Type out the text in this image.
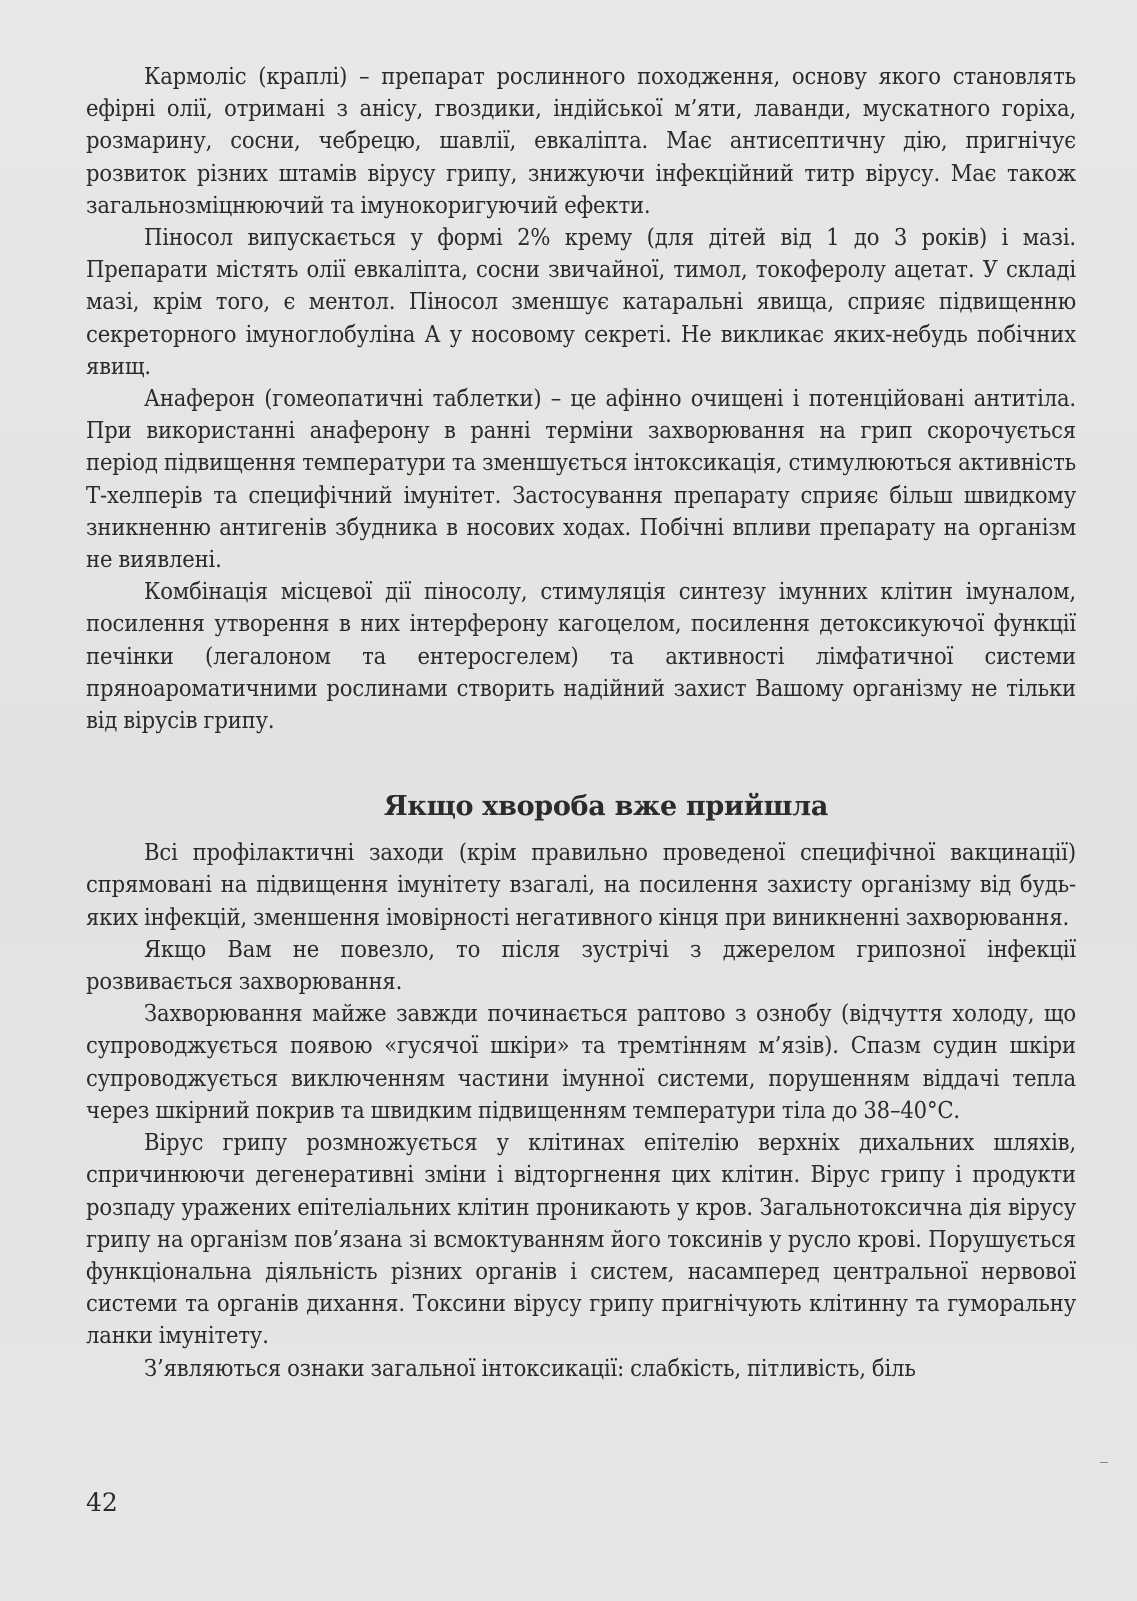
Кармоліс (краплі) – препарат рослинного походження, основу якого становлять ефірні олії, отримані з анісу, гвоздики, індійської м’яти, лаванди, мускатного горіха, розмарину, сосни, чебрецю, шавлії, евкаліпта. Має антисептичну дію, пригнічує розвиток різних штамів вірусу грипу, знижуючи інфекційний титр вірусу. Має також загальнозміцнюючий та імунокоригуючий ефекти.

Піносол випускається у формі 2% крему (для дітей від 1 до 3 років) і мазі. Препарати містять олії евкаліпта, сосни звичайної, тимол, токоферолу ацетат. У складі мазі, крім того, є ментол. Піносол зменшує катаральні явища, сприяє підвищенню секреторного імуноглобуліна А у носовому секреті. Не викликає яких-небудь побічних явищ.

Анаферон (гомеопатичні таблетки) – це афінно очищені і потенційовані антитіла. При використанні анаферону в ранні терміни захворювання на грип скорочується період підвищення температури та зменшується інтоксикація, стимулюються активність Т-хелперів та специфічний імунітет. Застосування препарату сприяє більш швидкому зникненню антигенів збудника в носових ходах. Побічні впливи препарату на організм не виявлені.

Комбінація місцевої дії піносолу, стимуляція синтезу імунних клітин імуналом, посилення утворення в них інтерферону кагоцелом, посилення детоксикуючої функції печінки (легалоном та ентеросгелем) та активності лімфатичної системи пряноароматичними рослинами створить надійний захист Вашому організму не тільки від вірусів грипу.

Якщо хвороба вже прийшла

Всі профілактичні заходи (крім правильно проведеної специфічної вакцинації) спрямовані на підвищення імунітету взагалі, на посилення захисту організму від будь-яких інфекцій, зменшення імовірності негативного кінця при виникненні захворювання.

Якщо Вам не повезло, то після зустрічі з джерелом грипозної інфекції розвивається захворювання.

Захворювання майже завжди починається раптово з ознобу (відчуття холоду, що супроводжується появою «гусячої шкіри» та тремтінням м’язів). Спазм судин шкіри супроводжується виключенням частини імунної системи, порушенням віддачі тепла через шкірний покрив та швидким підвищенням температури тіла до 38–40°С.

Вірус грипу розмножується у клітинах епітелію верхніх дихальних шляхів, спричинюючи дегенеративні зміни і відторгнення цих клітин. Вірус грипу і продукти розпаду уражених епітеліальних клітин проникають у кров. Загальнотоксична дія вірусу грипу на організм пов’язана зі всмоктуванням його токсинів у русло крові. Порушується функціональна діяльність різних органів і систем, насамперед центральної нервової системи та органів дихання. Токсини вірусу грипу пригнічують клітинну та гуморальну ланки імунітету.

З’являються ознаки загальної інтоксикації: слабкість, пітливість, біль

42
